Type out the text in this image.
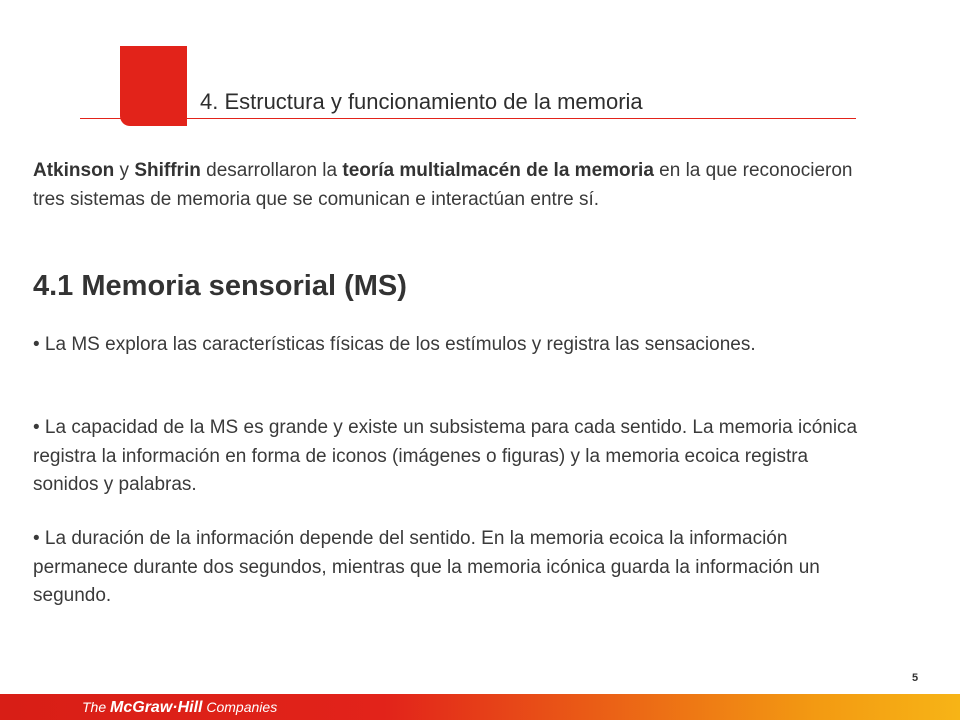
4. Estructura y funcionamiento de la memoria
Atkinson y Shiffrin desarrollaron la teoría multialmacén de la memoria en la que reconocieron tres sistemas de memoria que se comunican e interactúan entre sí.
4.1 Memoria sensorial (MS)
• La MS explora las características físicas de los estímulos y registra las sensaciones.
• La capacidad de la MS es grande y existe un subsistema para cada sentido. La memoria icónica registra la información en forma de iconos (imágenes o figuras) y la memoria ecoica registra sonidos y palabras.
• La duración de la información depende del sentido. En la memoria ecoica la información permanece durante dos segundos, mientras que la memoria icónica guarda la información un segundo.
5
The McGraw·Hill Companies
